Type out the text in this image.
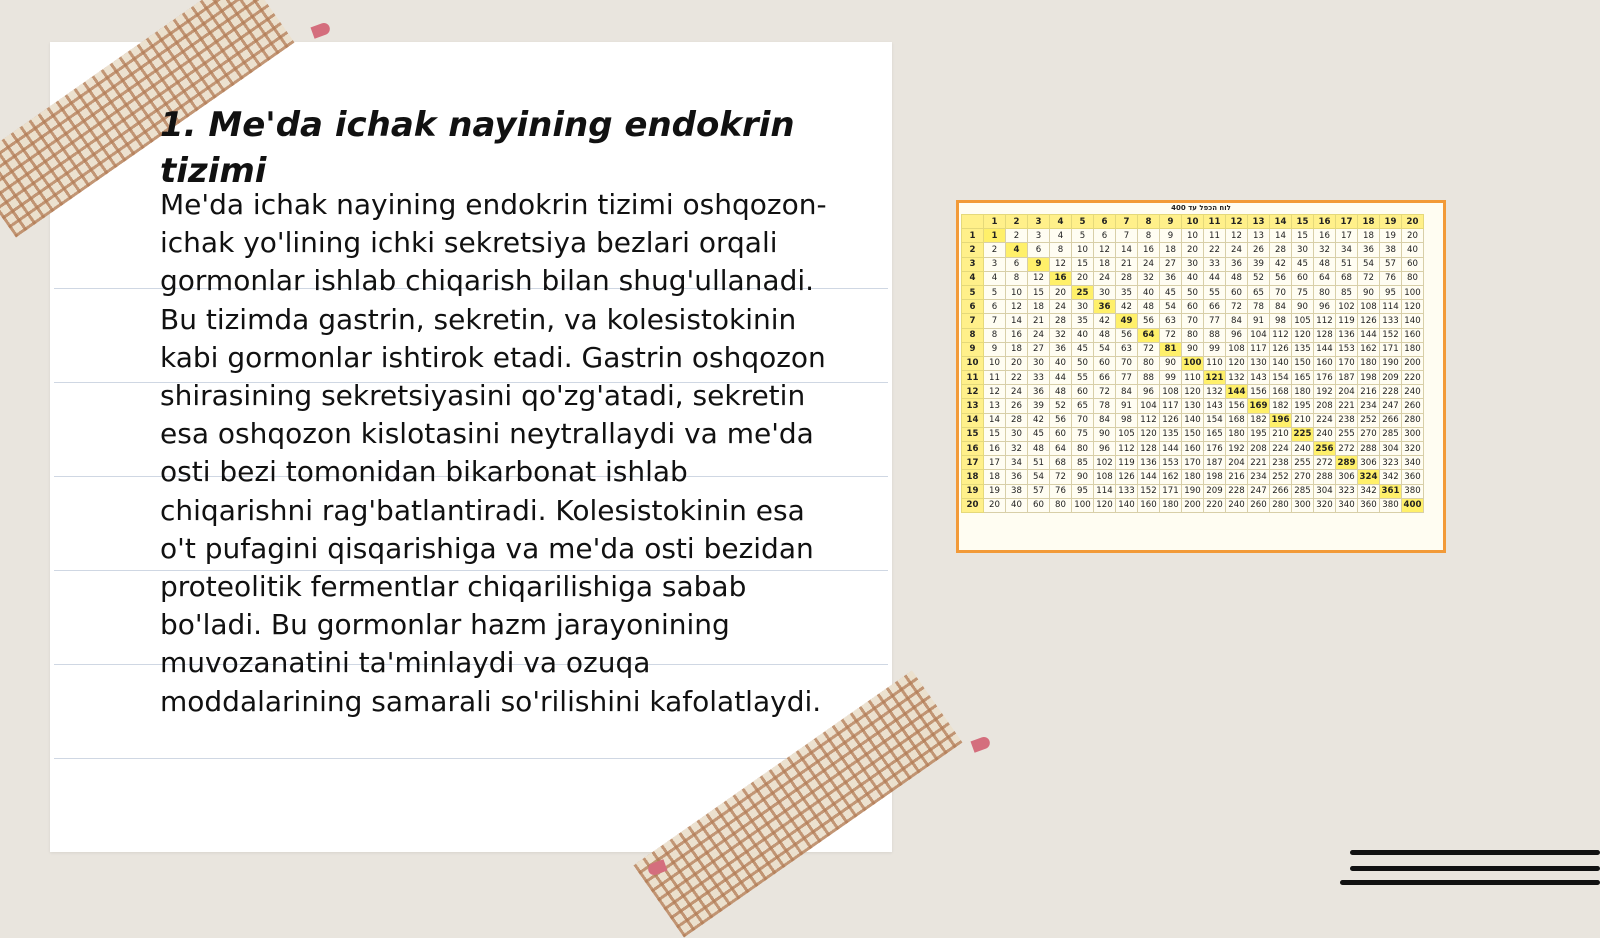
1. Me'da ichak nayining endokrin tizimi

Me'da ichak nayining endokrin tizimi oshqozon-ichak yo'lining ichki sekretsiya bezlari orqali gormonlar ishlab chiqarish bilan shug'ullanadi. Bu tizimda gastrin, sekretin, va kolesistokinin kabi gormonlar ishtirok etadi. Gastrin oshqozon shirasining sekretsiyasini qo'zg'atadi, sekretin esa oshqozon kislotasini neytrallaydi va me'da osti bezi tomonidan bikarbonat ishlab chiqarishni rag'batlantiradi. Kolesistokinin esa o't pufagini qisqarishiga va me'da osti bezidan proteolitik fermentlar chiqarilishiga sabab bo'ladi. Bu gormonlar hazm jarayonining muvozanatini ta'minlaydi va ozuqa moddalarining samarali so'rilishini kafolatlaydi.

לוח הכפל עד 400
	1	2	3	4	5	6	7	8	9	10	11	12	13	14	15	16	17	18	19	20
1	1	2	3	4	5	6	7	8	9	10	11	12	13	14	15	16	17	18	19	20
2	2	4	6	8	10	12	14	16	18	20	22	24	26	28	30	32	34	36	38	40
3	3	6	9	12	15	18	21	24	27	30	33	36	39	42	45	48	51	54	57	60
4	4	8	12	16	20	24	28	32	36	40	44	48	52	56	60	64	68	72	76	80
5	5	10	15	20	25	30	35	40	45	50	55	60	65	70	75	80	85	90	95	100
6	6	12	18	24	30	36	42	48	54	60	66	72	78	84	90	96	102	108	114	120
7	7	14	21	28	35	42	49	56	63	70	77	84	91	98	105	112	119	126	133	140
8	8	16	24	32	40	48	56	64	72	80	88	96	104	112	120	128	136	144	152	160
9	9	18	27	36	45	54	63	72	81	90	99	108	117	126	135	144	153	162	171	180
10	10	20	30	40	50	60	70	80	90	100	110	120	130	140	150	160	170	180	190	200
11	11	22	33	44	55	66	77	88	99	110	121	132	143	154	165	176	187	198	209	220
12	12	24	36	48	60	72	84	96	108	120	132	144	156	168	180	192	204	216	228	240
13	13	26	39	52	65	78	91	104	117	130	143	156	169	182	195	208	221	234	247	260
14	14	28	42	56	70	84	98	112	126	140	154	168	182	196	210	224	238	252	266	280
15	15	30	45	60	75	90	105	120	135	150	165	180	195	210	225	240	255	270	285	300
16	16	32	48	64	80	96	112	128	144	160	176	192	208	224	240	256	272	288	304	320
17	17	34	51	68	85	102	119	136	153	170	187	204	221	238	255	272	289	306	323	340
18	18	36	54	72	90	108	126	144	162	180	198	216	234	252	270	288	306	324	342	360
19	19	38	57	76	95	114	133	152	171	190	209	228	247	266	285	304	323	342	361	380
20	20	40	60	80	100	120	140	160	180	200	220	240	260	280	300	320	340	360	380	400
